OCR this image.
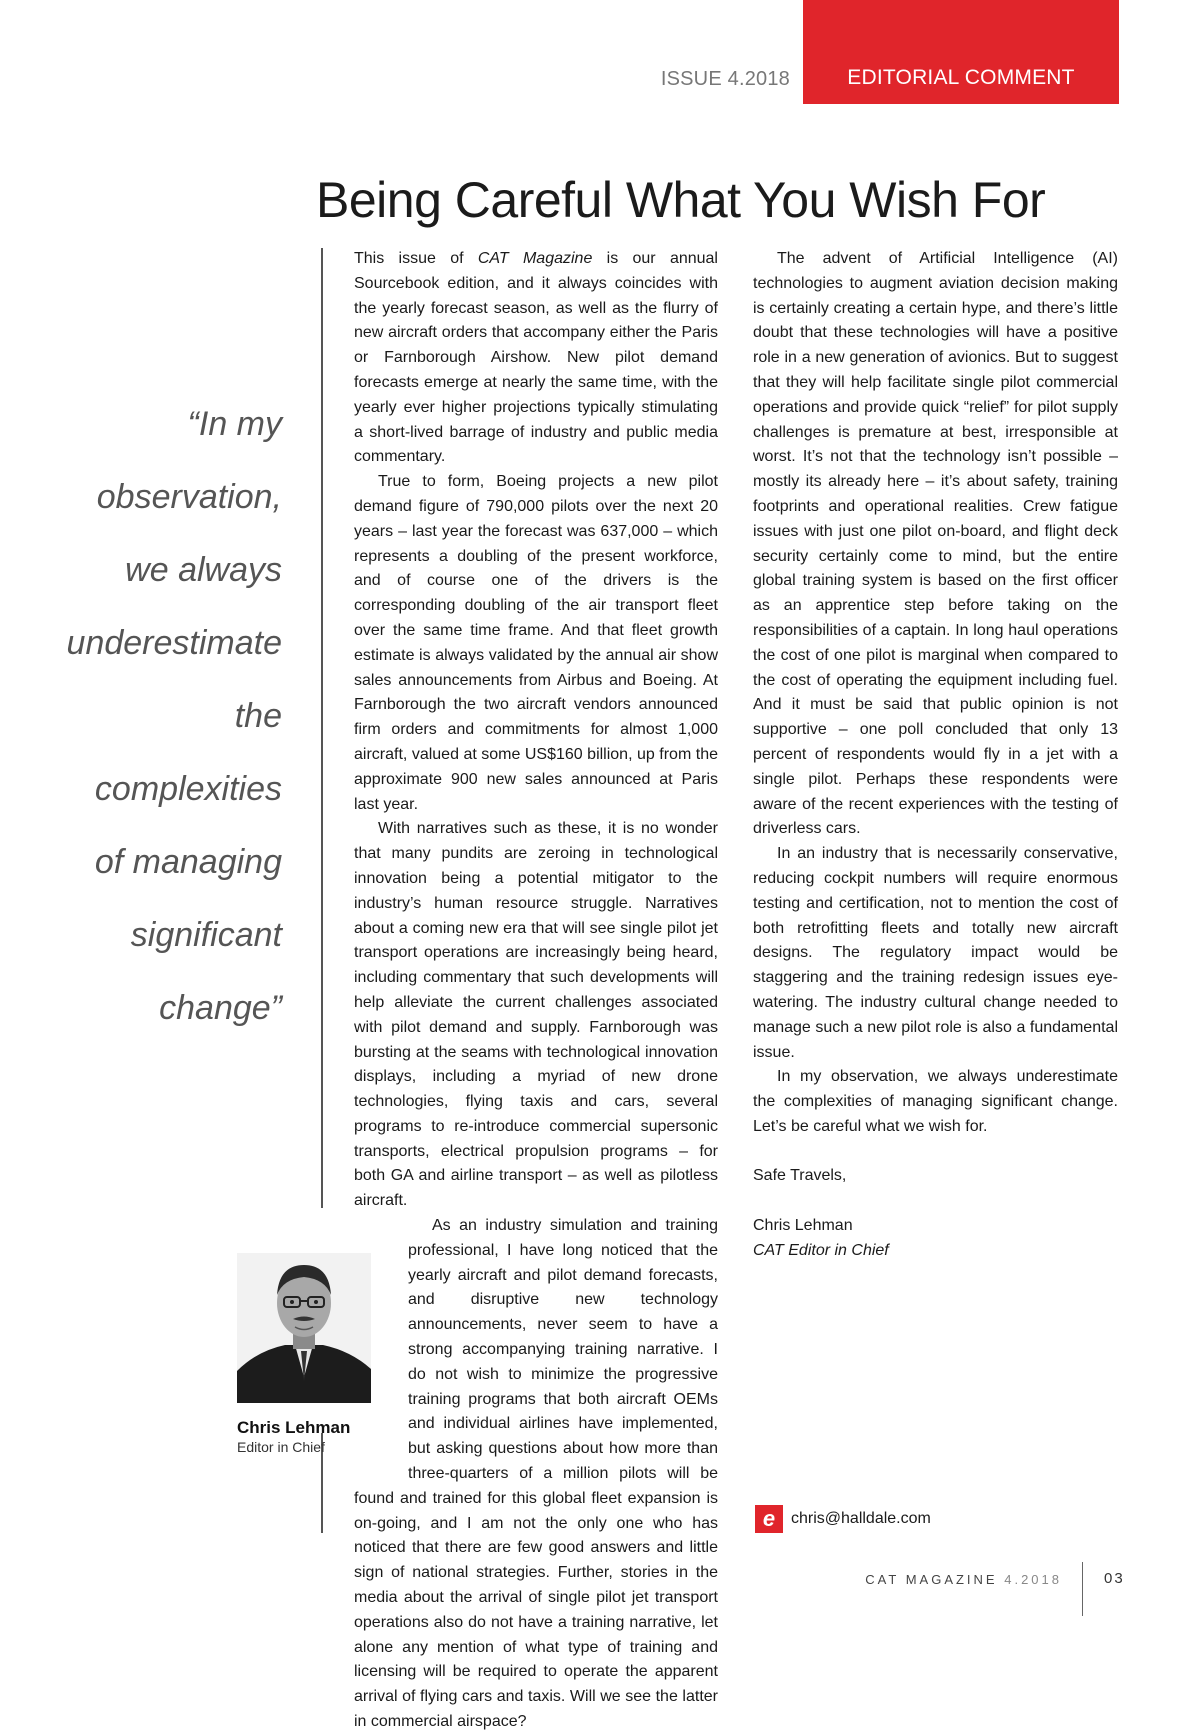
ISSUE 4.2018	EDITORIAL COMMENT
Being Careful What You Wish For
“In my
observation,
we always
underestimate
the
complexities
of managing
significant
change”
Chris Lehman
Editor in Chief

This issue of CAT Magazine is our annual Sourcebook edition, and it always coincides with the yearly forecast season, as well as the flurry of new aircraft orders that accompany either the Paris or Farnborough Airshow. New pilot demand forecasts emerge at nearly the same time, with the yearly ever higher projections typically stimulating a short-lived barrage of industry and public media commentary.

True to form, Boeing projects a new pilot demand figure of 790,000 pilots over the next 20 years – last year the forecast was 637,000 – which represents a doubling of the present workforce, and of course one of the drivers is the corresponding doubling of the air transport fleet over the same time frame. And that fleet growth estimate is always validated by the annual air show sales announcements from Airbus and Boeing. At Farnborough the two aircraft vendors announced firm orders and commitments for almost 1,000 aircraft, valued at some US$160 billion, up from the approximate 900 new sales announced at Paris last year.

With narratives such as these, it is no wonder that many pundits are zeroing in technological innovation being a potential mitigator to the industry’s human resource struggle. Narratives about a coming new era that will see single pilot jet transport operations are increasingly being heard, including commentary that such developments will help alleviate the current challenges associated with pilot demand and supply. Farnborough was bursting at the seams with technological innovation displays, including a myriad of new drone technologies, flying taxis and cars, several programs to re-introduce commercial supersonic transports, electrical propulsion programs – for both GA and airline transport – as well as pilotless aircraft.

As an industry simulation and training professional, I have long noticed that the yearly aircraft and pilot demand forecasts, and disruptive new technology announcements, never seem to have a strong accompanying training narrative. I do not wish to minimize the progressive training programs that both aircraft OEMs and individual airlines have implemented, but asking questions about how more than three-quarters of a million pilots will be found and trained for this global fleet expansion is on-going, and I am not the only one who has noticed that there are few good answers and little sign of national strategies. Further, stories in the media about the arrival of single pilot jet transport operations also do not have a training narrative, let alone any mention of what type of training and licensing will be required to operate the apparent arrival of flying cars and taxis. Will we see the latter in commercial airspace?

The advent of Artificial Intelligence (AI) technologies to augment aviation decision making is certainly creating a certain hype, and there’s little doubt that these technologies will have a positive role in a new generation of avionics. But to suggest that they will help facilitate single pilot commercial operations and provide quick “relief” for pilot supply challenges is premature at best, irresponsible at worst. It’s not that the technology isn’t possible – mostly its already here – it’s about safety, training footprints and operational realities. Crew fatigue issues with just one pilot on-board, and flight deck security certainly come to mind, but the entire global training system is based on the first officer as an apprentice step before taking on the responsibilities of a captain. In long haul operations the cost of one pilot is marginal when compared to the cost of operating the equipment including fuel. And it must be said that public opinion is not supportive – one poll concluded that only 13 percent of respondents would fly in a jet with a single pilot. Perhaps these respondents were aware of the recent experiences with the testing of driverless cars.

In an industry that is necessarily conservative, reducing cockpit numbers will require enormous testing and certification, not to mention the cost of both retrofitting fleets and totally new aircraft designs. The regulatory impact would be staggering and the training redesign issues eye-watering. The industry cultural change needed to manage such a new pilot role is also a fundamental issue.

In my observation, we always underestimate the complexities of managing significant change. Let’s be careful what we wish for.

Safe Travels,

Chris Lehman

CAT Editor in Chief

e chris@halldale.com
CAT MAGAZINE 4.2018	03
